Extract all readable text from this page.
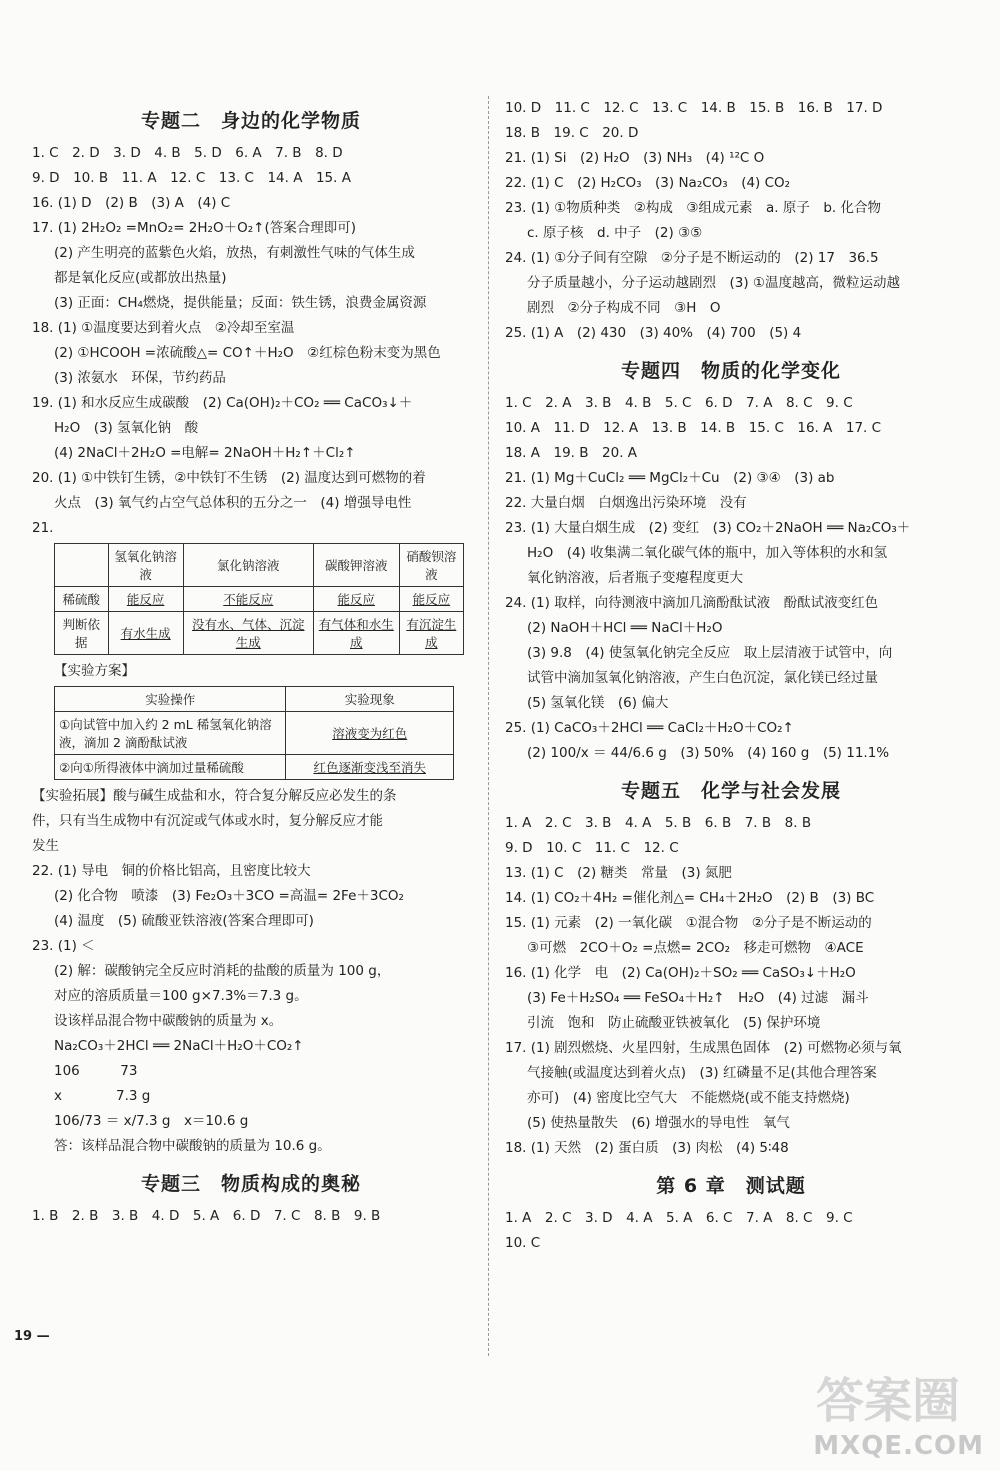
专题二　身边的化学物质
1. C　2. D　3. D　4. B　5. D　6. A　7. B　8. D
9. D　10. B　11. A　12. C　13. C　14. A　15. A
16. (1) D　(2) B　(3) A　(4) C
17. (1) 2H₂O₂ =MnO₂= 2H₂O＋O₂↑(答案合理即可)
(2) 产生明亮的蓝紫色火焰，放热，有刺激性气味的气体生成
都是氧化反应(或都放出热量)
(3) 正面：CH₄燃烧，提供能量；反面：铁生锈，浪费金属资源
18. (1) ①温度要达到着火点　②冷却至室温
(2) ①HCOOH =浓硫酸△= CO↑＋H₂O　②红棕色粉末变为黑色
(3) 浓氨水　环保，节约药品
19. (1) 和水反应生成碳酸　(2) Ca(OH)₂＋CO₂ ══ CaCO₃↓＋
H₂O　(3) 氢氧化钠　酸
(4) 2NaCl＋2H₂O =电解= 2NaOH＋H₂↑＋Cl₂↑
20. (1) ①中铁钉生锈，②中铁钉不生锈　(2) 温度达到可燃物的着
火点　(3) 氧气约占空气总体积的五分之一　(4) 增强导电性
21.
	氢氧化钠溶液	氯化钠溶液	碳酸钾溶液	硝酸钡溶液
稀硫酸	能反应	不能反应	能反应	能反应
判断依据	有水生成	没有水、气体、沉淀生成	有气体和水生成	有沉淀生成
【实验方案】
实验操作	实验现象
①向试管中加入约 2 mL 稀氢氧化钠溶液，滴加 2 滴酚酞试液	溶液变为红色
②向①所得液体中滴加过量稀硫酸	红色逐渐变浅至消失
【实验拓展】酸与碱生成盐和水，符合复分解反应必发生的条
件，只有当生成物中有沉淀或气体或水时，复分解反应才能
发生
22. (1) 导电　铜的价格比铝高，且密度比较大
(2) 化合物　喷漆　(3) Fe₂O₃＋3CO =高温= 2Fe＋3CO₂
(4) 温度　(5) 硫酸亚铁溶液(答案合理即可)
23. (1) ＜
(2) 解：碳酸钠完全反应时消耗的盐酸的质量为 100 g，
对应的溶质质量＝100 g×7.3%＝7.3 g。
设该样品混合物中碳酸钠的质量为 x。
Na₂CO₃＋2HCl ══ 2NaCl＋H₂O＋CO₂↑
106　　　73
x　　　　7.3 g
106/73 ＝ x/7.3 g　x＝10.6 g
答：该样品混合物中碳酸钠的质量为 10.6 g。
专题三　物质构成的奥秘
1. B　2. B　3. B　4. D　5. A　6. D　7. C　8. B　9. B
10. D　11. C　12. C　13. C　14. B　15. B　16. B　17. D
18. B　19. C　20. D
21. (1) Si　(2) H₂O　(3) NH₃　(4) ¹²C O
22. (1) C　(2) H₂CO₃　(3) Na₂CO₃　(4) CO₂
23. (1) ①物质种类　②构成　③组成元素　a. 原子　b. 化合物
c. 原子核　d. 中子　(2) ③⑤
24. (1) ①分子间有空隙　②分子是不断运动的　(2) 17　36.5
分子质量越小，分子运动越剧烈　(3) ①温度越高，微粒运动越
剧烈　②分子构成不同　③H　O
25. (1) A　(2) 430　(3) 40%　(4) 700　(5) 4
专题四　物质的化学变化
1. C　2. A　3. B　4. B　5. C　6. D　7. A　8. C　9. C
10. A　11. D　12. A　13. B　14. B　15. C　16. A　17. C
18. A　19. B　20. A
21. (1) Mg＋CuCl₂ ══ MgCl₂＋Cu　(2) ③④　(3) ab
22. 大量白烟　白烟逸出污染环境　没有
23. (1) 大量白烟生成　(2) 变红　(3) CO₂＋2NaOH ══ Na₂CO₃＋
H₂O　(4) 收集满二氧化碳气体的瓶中，加入等体积的水和氢
氧化钠溶液，后者瓶子变瘪程度更大
24. (1) 取样，向待测液中滴加几滴酚酞试液　酚酞试液变红色
(2) NaOH＋HCl ══ NaCl＋H₂O
(3) 9.8　(4) 使氢氧化钠完全反应　取上层清液于试管中，向
试管中滴加氢氧化钠溶液，产生白色沉淀，氯化镁已经过量
(5) 氢氧化镁　(6) 偏大
25. (1) CaCO₃＋2HCl ══ CaCl₂＋H₂O＋CO₂↑
(2) 100/x ＝ 44/6.6 g　(3) 50%　(4) 160 g　(5) 11.1%
专题五　化学与社会发展
1. A　2. C　3. B　4. A　5. B　6. B　7. B　8. B
9. D　10. C　11. C　12. C
13. (1) C　(2) 糖类　常量　(3) 氮肥
14. (1) CO₂＋4H₂ =催化剂△= CH₄＋2H₂O　(2) B　(3) BC
15. (1) 元素　(2) 一氧化碳　①混合物　②分子是不断运动的
③可燃　2CO＋O₂ =点燃= 2CO₂　移走可燃物　④ACE
16. (1) 化学　电　(2) Ca(OH)₂＋SO₂ ══ CaSO₃↓＋H₂O
(3) Fe＋H₂SO₄ ══ FeSO₄＋H₂↑　H₂O　(4) 过滤　漏斗
引流　饱和　防止硫酸亚铁被氧化　(5) 保护环境
17. (1) 剧烈燃烧、火星四射，生成黑色固体　(2) 可燃物必须与氧
气接触(或温度达到着火点)　(3) 红磷量不足(其他合理答案
亦可)　(4) 密度比空气大　不能燃烧(或不能支持燃烧)
(5) 使热量散失　(6) 增强水的导电性　氧气
18. (1) 天然　(2) 蛋白质　(3) 肉松　(4) 5∶48
第 6 章　测试题
1. A　2. C　3. D　4. A　5. A　6. C　7. A　8. C　9. C
10. C
19 —
答案圈
MXQE.COM
